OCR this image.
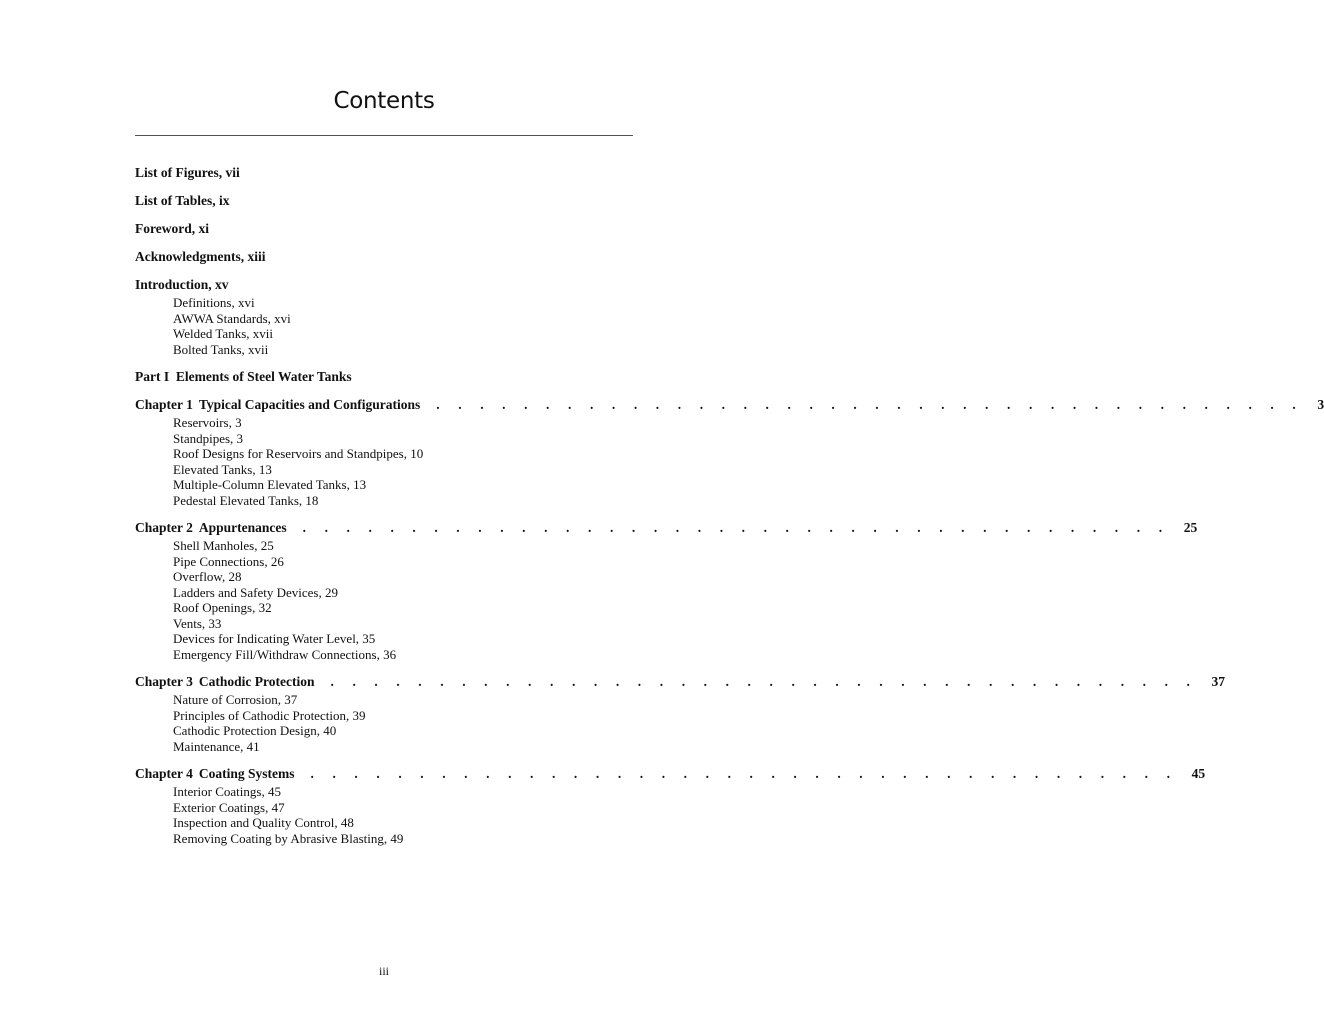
Contents
List of Figures, vii
List of Tables, ix
Foreword, xi
Acknowledgments, xiii
Introduction, xv
Definitions, xvi
AWWA Standards, xvi
Welded Tanks, xvii
Bolted Tanks, xvii
Part I  Elements of Steel Water Tanks
Chapter 1 Typical Capacities and Configurations . . . . . . . . . . . . . . . . . . . . . . . . . . . . . . . . . . . . . . . . 3
Reservoirs, 3
Standpipes, 3
Roof Designs for Reservoirs and Standpipes, 10
Elevated Tanks, 13
Multiple-Column Elevated Tanks, 13
Pedestal Elevated Tanks, 18
Chapter 2 Appurtenances . . . . . . . . . . . . . . . . . . . . . . . . . . . . . . . . . . . . . . . . 25
Shell Manholes, 25
Pipe Connections, 26
Overflow, 28
Ladders and Safety Devices, 29
Roof Openings, 32
Vents, 33
Devices for Indicating Water Level, 35
Emergency Fill/Withdraw Connections, 36
Chapter 3 Cathodic Protection . . . . . . . . . . . . . . . . . . . . . . . . . . . . . . . . . . . . . . . . 37
Nature of Corrosion, 37
Principles of Cathodic Protection, 39
Cathodic Protection Design, 40
Maintenance, 41
Chapter 4 Coating Systems . . . . . . . . . . . . . . . . . . . . . . . . . . . . . . . . . . . . . . . . 45
Interior Coatings, 45
Exterior Coatings, 47
Inspection and Quality Control, 48
Removing Coating by Abrasive Blasting, 49
iii
